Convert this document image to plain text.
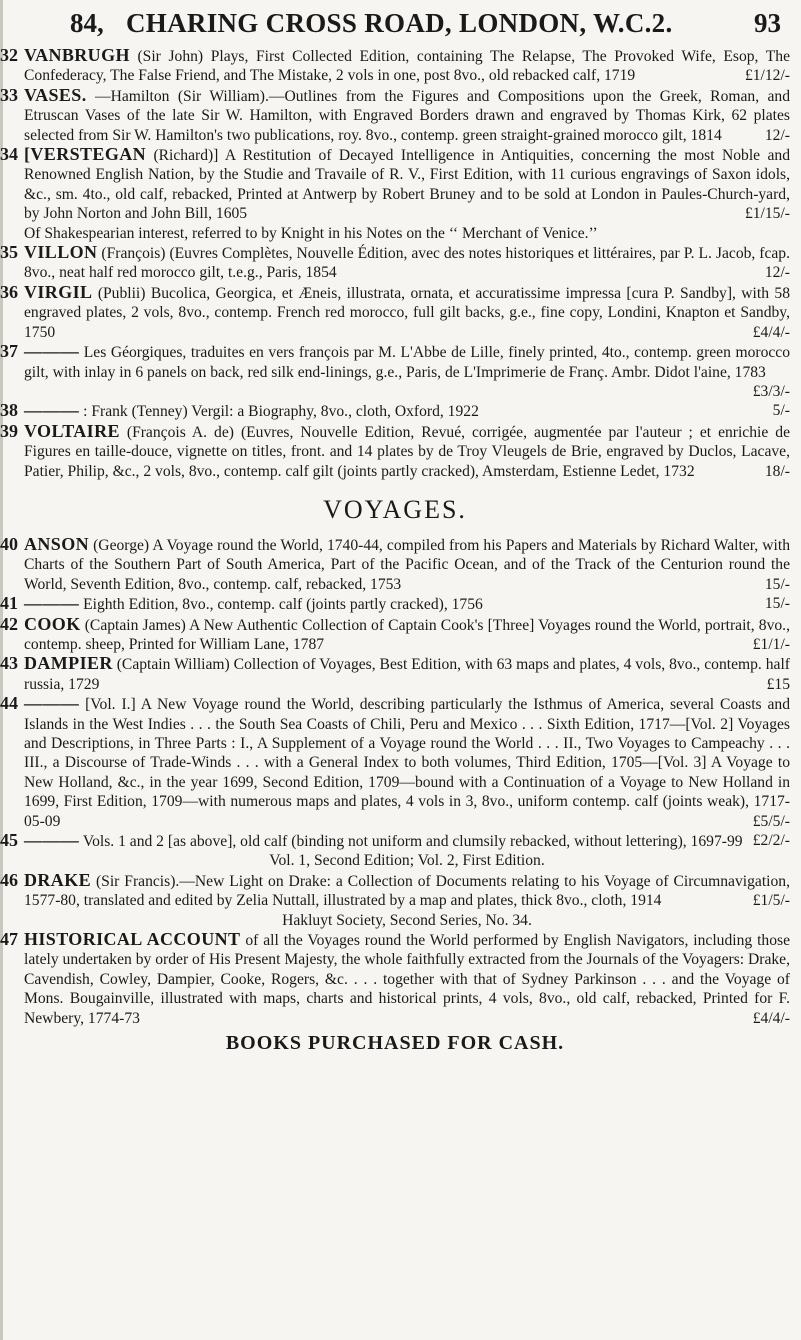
84, CHARING CROSS ROAD, LONDON, W.C.2.	93
32 VANBRUGH (Sir John) Plays, First Collected Edition, containing The Relapse, The Provoked Wife, Esop, The Confederacy, The False Friend, and The Mistake, 2 vols in one, post 8vo., old rebacked calf, 1719	£1/12/-
33 VASES. —Hamilton (Sir William).—Outlines from the Figures and Compositions upon the Greek, Roman, and Etruscan Vases of the late Sir W. Hamilton, with Engraved Borders drawn and engraved by Thomas Kirk, 62 plates selected from Sir W. Hamilton's two publications, roy. 8vo., contemp. green straight-grained morocco gilt, 1814	12/-
34 [VERSTEGAN (Richard)] A Restitution of Decayed Intelligence in Antiquities, concerning the most Noble and Renowned English Nation, by the Studie and Travaile of R. V., First Edition, with 11 curious engravings of Saxon idols, &c., sm. 4to., old calf, rebacked, Printed at Antwerp by Robert Bruney and to be sold at London in Paules-Church-yard, by John Norton and John Bill, 1605	£1/15/-
Of Shakespearian interest, referred to by Knight in his Notes on the ‘‘ Merchant of Venice.’’
35 VILLON (François) (Euvres Complètes, Nouvelle Édition, avec des notes historiques et littéraires, par P. L. Jacob, fcap. 8vo., neat half red morocco gilt, t.e.g., Paris, 1854	12/-
36 VIRGIL (Publii) Bucolica, Georgica, et Æneis, illustrata, ornata, et accuratissime impressa [cura P. Sandby], with 58 engraved plates, 2 vols, 8vo., contemp. French red morocco, full gilt backs, g.e., fine copy, Londini, Knapton et Sandby, 1750	£4/4/-
37 ——— Les Géorgiques, traduites en vers françois par M. L'Abbe de Lille, finely printed, 4to., contemp. green morocco gilt, with inlay in 6 panels on back, red silk end-linings, g.e., Paris, de L'Imprimerie de Franç. Ambr. Didot l'aine, 1783
£3/3/-
38 ——— : Frank (Tenney) Vergil: a Biography, 8vo., cloth, Oxford, 1922	5/-
39 VOLTAIRE (François A. de) (Euvres, Nouvelle Edition, Revué, corrigée, augmentée par l'auteur ; et enrichie de Figures en taille-douce, vignette on titles, front. and 14 plates by de Troy Vleugels de Brie, engraved by Duclos, Lacave, Patier, Philip, &c., 2 vols, 8vo., contemp. calf gilt (joints partly cracked), Amsterdam, Estienne Ledet, 1732	18/-
VOYAGES.
40 ANSON (George) A Voyage round the World, 1740-44, compiled from his Papers and Materials by Richard Walter, with Charts of the Southern Part of South America, Part of the Pacific Ocean, and of the Track of the Centurion round the World, Seventh Edition, 8vo., contemp. calf, rebacked, 1753	15/-
41 ——— Eighth Edition, 8vo., contemp. calf (joints partly cracked), 1756	15/-
42 COOK (Captain James) A New Authentic Collection of Captain Cook's [Three] Voyages round the World, portrait, 8vo., contemp. sheep, Printed for William Lane, 1787	£1/1/-
43 DAMPIER (Captain William) Collection of Voyages, Best Edition, with 63 maps and plates, 4 vols, 8vo., contemp. half russia, 1729	£15
44 ——— [Vol. I.] A New Voyage round the World, describing particularly the Isthmus of America, several Coasts and Islands in the West Indies . . . the South Sea Coasts of Chili, Peru and Mexico . . . Sixth Edition, 1717—[Vol. 2] Voyages and Descriptions, in Three Parts : I., A Supplement of a Voyage round the World . . . II., Two Voyages to Campeachy . . . III., a Discourse of Trade-Winds . . . with a General Index to both volumes, Third Edition, 1705—[Vol. 3] A Voyage to New Holland, &c., in the year 1699, Second Edition, 1709—bound with a Continuation of a Voyage to New Holland in 1699, First Edition, 1709—with numerous maps and plates, 4 vols in 3, 8vo., uniform contemp. calf (joints weak), 1717-05-09	£5/5/-
45 ——— Vols. 1 and 2 [as above], old calf (binding not uniform and clumsily rebacked, without lettering), 1697-99 £2/2/-
Vol. 1, Second Edition; Vol. 2, First Edition.
46 DRAKE (Sir Francis).—New Light on Drake: a Collection of Documents relating to his Voyage of Circumnavigation, 1577-80, translated and edited by Zelia Nuttall, illustrated by a map and plates, thick 8vo., cloth, 1914	£1/5/-
Hakluyt Society, Second Series, No. 34.
47 HISTORICAL ACCOUNT of all the Voyages round the World performed by English Navigators, including those lately undertaken by order of His Present Majesty, the whole faithfully extracted from the Journals of the Voyagers: Drake, Cavendish, Cowley, Dampier, Cooke, Rogers, &c. . . . together with that of Sydney Parkinson . . . and the Voyage of Mons. Bougainville, illustrated with maps, charts and historical prints, 4 vols, 8vo., old calf, rebacked, Printed for F. Newbery, 1774-73	£4/4/-
BOOKS PURCHASED FOR CASH.
